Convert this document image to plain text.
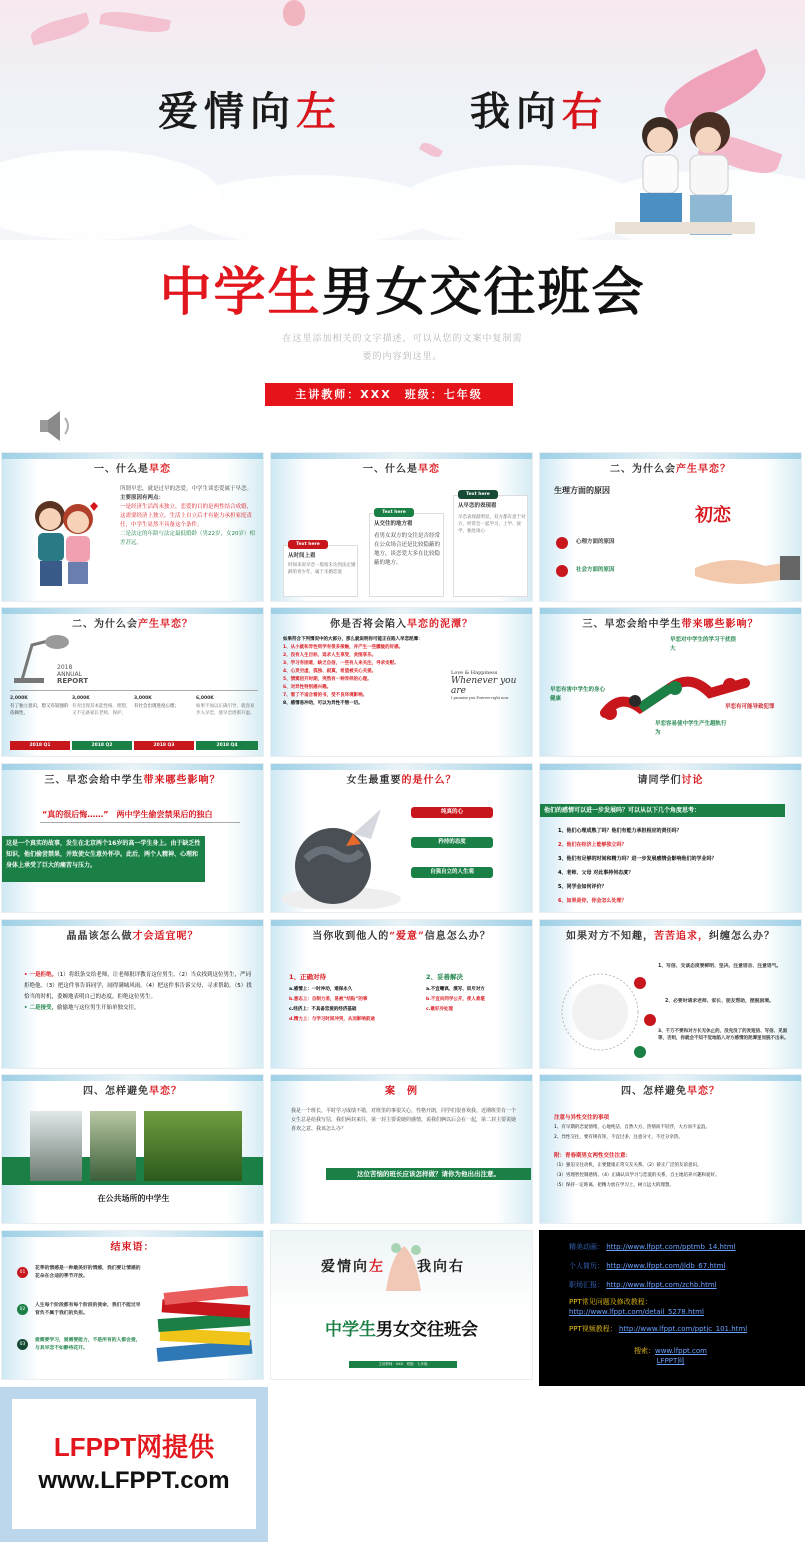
爱情向左	我向右
中学生男女交往班会
在这里添加相关的文字描述，可以从您的文案中复制需
要的内容到这里。
主讲教师：XXX　班级：七年级
一、什么是早恋
所谓早恋，就是过早的恋爱。中学生谈恋爱属于早恋。
主要原因有两点：
一是经济生活尚未独立，恋爱的目的是两性结合成婚，这需要经济上独立，生活上自立后才有能力承担家庭责任，中学生显然不具备这个条件。
二是法定的年龄与法定最低婚龄（男22岁，女20岁）相差甚远。
一、什么是早恋
Text here
从时间上看
时间来说早恋一般指未达到法定婚龄的青少年，属于未婚恋爱
Text here
从交往的地方看
看男女双方的交往是否经常在公众场合还是比较隐蔽的地方，谈恋爱大多在比较隐蔽的地方。
Text here
从早恋的表现看
早恋表现最明显，双方都有意于对方，经常会一起学习、上学、放学，独处谈心
二、为什么会产生早恋？
生理方面的原因
心理方面的原因
社会方面的原因
初恋
二、为什么会产生早恋？
2018
ANNUAL
REPORT
2,000K
有了独立意识，想又有较强的依赖性。
3,000K
有对出现其本能性格，理想，又不完备家长老师，保护。
3,000K
有社会出现进度心理；
6,000K
如果不加以正确引导，就容易步入早恋，使早恋逐渐升温。
2018 Q1	2018 Q2	2018 Q3	2018 Q4
你是否将会陷入早恋的泥潭？
如果符合下列情况中的大部分，那么就说明你可能正在陷入早恋泥潭：
1、从小就和异性同学有很多接触，并产生一些朦胧的好感。
2、没有人生目标，追求人生享受，贪图享乐。
3、学习有困难，缺乏自信，一些有人来关注，寻求安慰。
4、心灵空虚，孤独、寂寞，希望被关心关爱。
5、情窦初开时期，突然有一种异样的心理。
6、对异性特别感兴趣。
7、看了不适合看的书，受不良环境影响。
8、感情易冲动，可以为异性不惜一切。
Love & Happiness
Whenever you are
I promise you Forever right now
三、早恋会给中学生带来哪些影响？
早恋对中学生的学习干扰很大
早恋有害中学生的身心健康
早恋有可能导致犯罪
早恋容易使中学生产生越轨行为
三、早恋会给中学生带来哪些影响？
“真的很后悔……”　 两中学生偷尝禁果后的独白
这是一个真实的故事，发生在北京两个16岁的高一学生身上。由于缺乏性知识，他们偷尝禁果，并致使女生意外怀孕。此后，两个人精神、心理和身体上承受了巨大的痛苦与压力。
女生最重要的是什么？
纯真的心
矜持的态度
自强自立的人生观
请同学们讨论
他们的感情可以进一步发展吗？可以从以下几个角度思考：
1、他们心理成熟了吗？他们有能力承担相应的责任吗？
2、他们在经济上能够独立吗？
3、他们有足够的时间和精力吗？进一步发展感情会影响他们的学业吗？
4、老师、父母 对此事持何态度？
5、同学会如何评价？
6、如果是你，你会怎么处理？
晶晶该怎么做才会适宜呢？
• 一是拒绝。（1）将纸条交给老师，让老师批评教育这位男生。（2）当众找到这位男生，严词拒绝他。（3）把这件事告诉同学，闹得满城风雨。（4）把这件事告诉父母，寻求帮助。（5）找恰当的时机，委婉地表明自己的态度，拒绝这位男生。
• 二是接受，偷偷地与这位男生开始单独交往。
当你收到他人的“爱意”信息怎么办？
1、正确对待
a.感情上：一时冲动，难保永久
b.意志上：自制力差，易被“结贴”的事
c.经济上：不具备恋爱的经济基础
d.精力上：与学习时间冲突，从而影响前途
2、妥善解决
a.不宜嘲讽、漠写、训斥对方
b.不宜向同学公开，使人难堪
c.最好冷处理
如果对方不知趣，苦苦追求，纠缠怎么办？
1、写信、交谈态度要鲜明、坚决、注意语言、注意语气。
2、必要时请求老师、家长、朋友帮助，摆脱困境。
3、千万不要和对方长无休止的，没完没了的发短信、写信、见面等，否则，你就会不知不觉地陷入对方感情的泥潭里而脱不出来。
四、怎样避免早恋？
在公共场所的中学生
案　 例
我是一个班长，平时学习成绩不错，对班里的事很关心，性格开朗，同学们很喜欢我。近期班里有一个女生总是给我写信，我们两封来往，第一封主要说她的感情，说我们俩以后会在一起，第二封主要说她喜欢之意。我该怎么办？
这位苦恼的班长应该怎样做？请你为他出出注意。
四、怎样避免早恋？
注意与异性交往的事项
1、有早期的恋爱情绪，心地纯洁，自然大方，热情而不轻浮，大方而不孟浪。
2、异性交往，要有规有矩，不宜过多，注意分寸，不过分亲热。
附：青春期男女两性交往注意：
（1）强迫交往动机，正要健康正常交友关系。（2）矫正广泛的友谊意识。
（3）男理智控制感情。（4）正确认识学习与恋爱的关系，自主地培养兴趣和爱好。
（5）保持一定距离，把精力放在学习上，树立远大的理想。
结束语：
01
花季的情感是一种最美好的情感，我们要让情感的花朵在合适的季节开放。
02
人生每个阶段都有每个阶段的使命，我们不能过早背负不属于我们的负担。
03
爱需要学习，爱需要能力，不是所有的人都会爱，与其早恋不如静待花开。
爱情向左　　 我向右
中学生男女交往班会
主讲教师：XXX　班级：七年级
精美动画： http://www.lfppt.com/pptmb_14.html
个人简历： http://www.lfppt.com/jldb_67.html
职场汇报： http://www.lfppt.com/zchb.html
PPT常见问题及修改教程：
http://www.lfppt.com/detail_5278.html
PPT视频教程： http://www.lfppt.com/pptjc_101.html
搜索：www.lfppt.com
LFPPT网
LFPPT网提供
www.LFPPT.com
